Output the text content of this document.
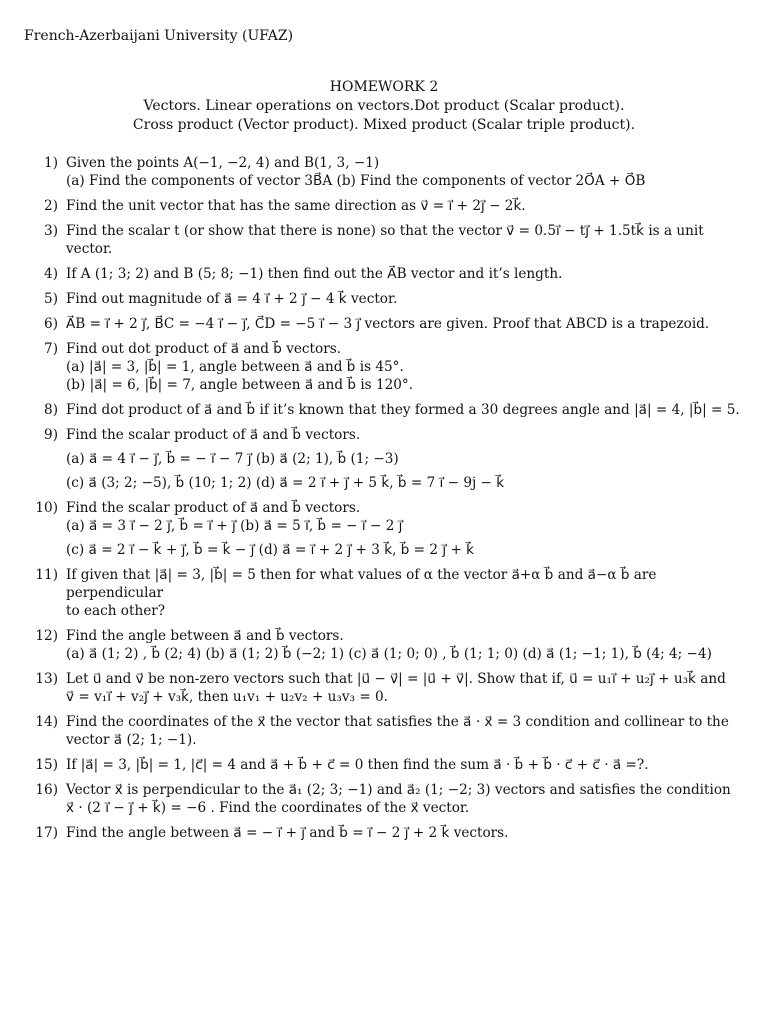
French-Azerbaijani University (UFAZ)
HOMEWORK 2
Vectors. Linear operations on vectors.Dot product (Scalar product).
Cross product (Vector product). Mixed product (Scalar triple product).
1) Given the points A(−1, −2, 4) and B(1, 3, −1)
(a) Find the components of vector 3B⃗A (b) Find the components of vector 2O⃗A + O⃗B
2) Find the unit vector that has the same direction as v⃗ = i⃗ + 2j⃗ − 2k⃗.
3) Find the scalar t (or show that there is none) so that the vector v⃗ = 0.5i⃗ − tj⃗ + 1.5tk⃗ is a unit vector.
4) If A (1; 3; 2) and B (5; 8; −1) then find out the A⃗B vector and it’s length.
5) Find out magnitude of a⃗ = 4 i⃗ + 2 j⃗ − 4 k⃗ vector.
6) A⃗B = i⃗ + 2 j⃗, B⃗C = −4 i⃗ − j⃗, C⃗D = −5 i⃗ − 3 j⃗ vectors are given. Proof that ABCD is a trapezoid.
7) Find out dot product of a⃗ and b⃗ vectors.
(a) |a⃗| = 3, |b⃗| = 1, angle between a⃗ and b⃗ is 45°.
(b) |a⃗| = 6, |b⃗| = 7, angle between a⃗ and b⃗ is 120°.
8) Find dot product of a⃗ and b⃗ if it’s known that they formed a 30 degrees angle and |a⃗| = 4, |b⃗| = 5.
9) Find the scalar product of a⃗ and b⃗ vectors.
(a) a⃗ = 4 i⃗ − j⃗, b⃗ = − i⃗ − 7 j⃗ (b) a⃗ (2; 1), b⃗ (1; −3)
(c) a⃗ (3; 2; −5), b⃗ (10; 1; 2) (d) a⃗ = 2 i⃗ + j⃗ + 5 k⃗, b⃗ = 7 i⃗ − 9j − k⃗
10) Find the scalar product of a⃗ and b⃗ vectors.
(a) a⃗ = 3 i⃗ − 2 j⃗, b⃗ = i⃗ + j⃗ (b) a⃗ = 5 i⃗, b⃗ = − i⃗ − 2 j⃗
(c) a⃗ = 2 i⃗ − k⃗ + j⃗, b⃗ = k⃗ − j⃗ (d) a⃗ = i⃗ + 2 j⃗ + 3 k⃗, b⃗ = 2 j⃗ + k⃗
11) If given that |a⃗| = 3, |b⃗| = 5 then for what values of α the vector a⃗+α b⃗ and a⃗−α b⃗ are perpendicular
to each other?
12) Find the angle between a⃗ and b⃗ vectors.
(a) a⃗ (1; 2) , b⃗ (2; 4) (b) a⃗ (1; 2) b⃗ (−2; 1) (c) a⃗ (1; 0; 0) , b⃗ (1; 1; 0) (d) a⃗ (1; −1; 1), b⃗ (4; 4; −4)
13) Let u⃗ and v⃗ be non-zero vectors such that |u⃗ − v⃗| = |u⃗ + v⃗|. Show that if, u⃗ = u₁i⃗ + u₂j⃗ + u₃k⃗ and
v⃗ = v₁i⃗ + v₂j⃗ + v₃k⃗, then u₁v₁ + u₂v₂ + u₃v₃ = 0.
14) Find the coordinates of the x⃗ the vector that satisfies the a⃗ · x⃗ = 3 condition and collinear to the
vector a⃗ (2; 1; −1).
15) If |a⃗| = 3, |b⃗| = 1, |c⃗| = 4 and a⃗ + b⃗ + c⃗ = 0 then find the sum a⃗ · b⃗ + b⃗ · c⃗ + c⃗ · a⃗ =?.
16) Vector x⃗ is perpendicular to the a⃗₁ (2; 3; −1) and a⃗₂ (1; −2; 3) vectors and satisfies the condition
x⃗ · (2 i⃗ − j⃗ + k⃗) = −6 . Find the coordinates of the x⃗ vector.
17) Find the angle between a⃗ = − i⃗ + j⃗ and b⃗ = i⃗ − 2 j⃗ + 2 k⃗ vectors.
